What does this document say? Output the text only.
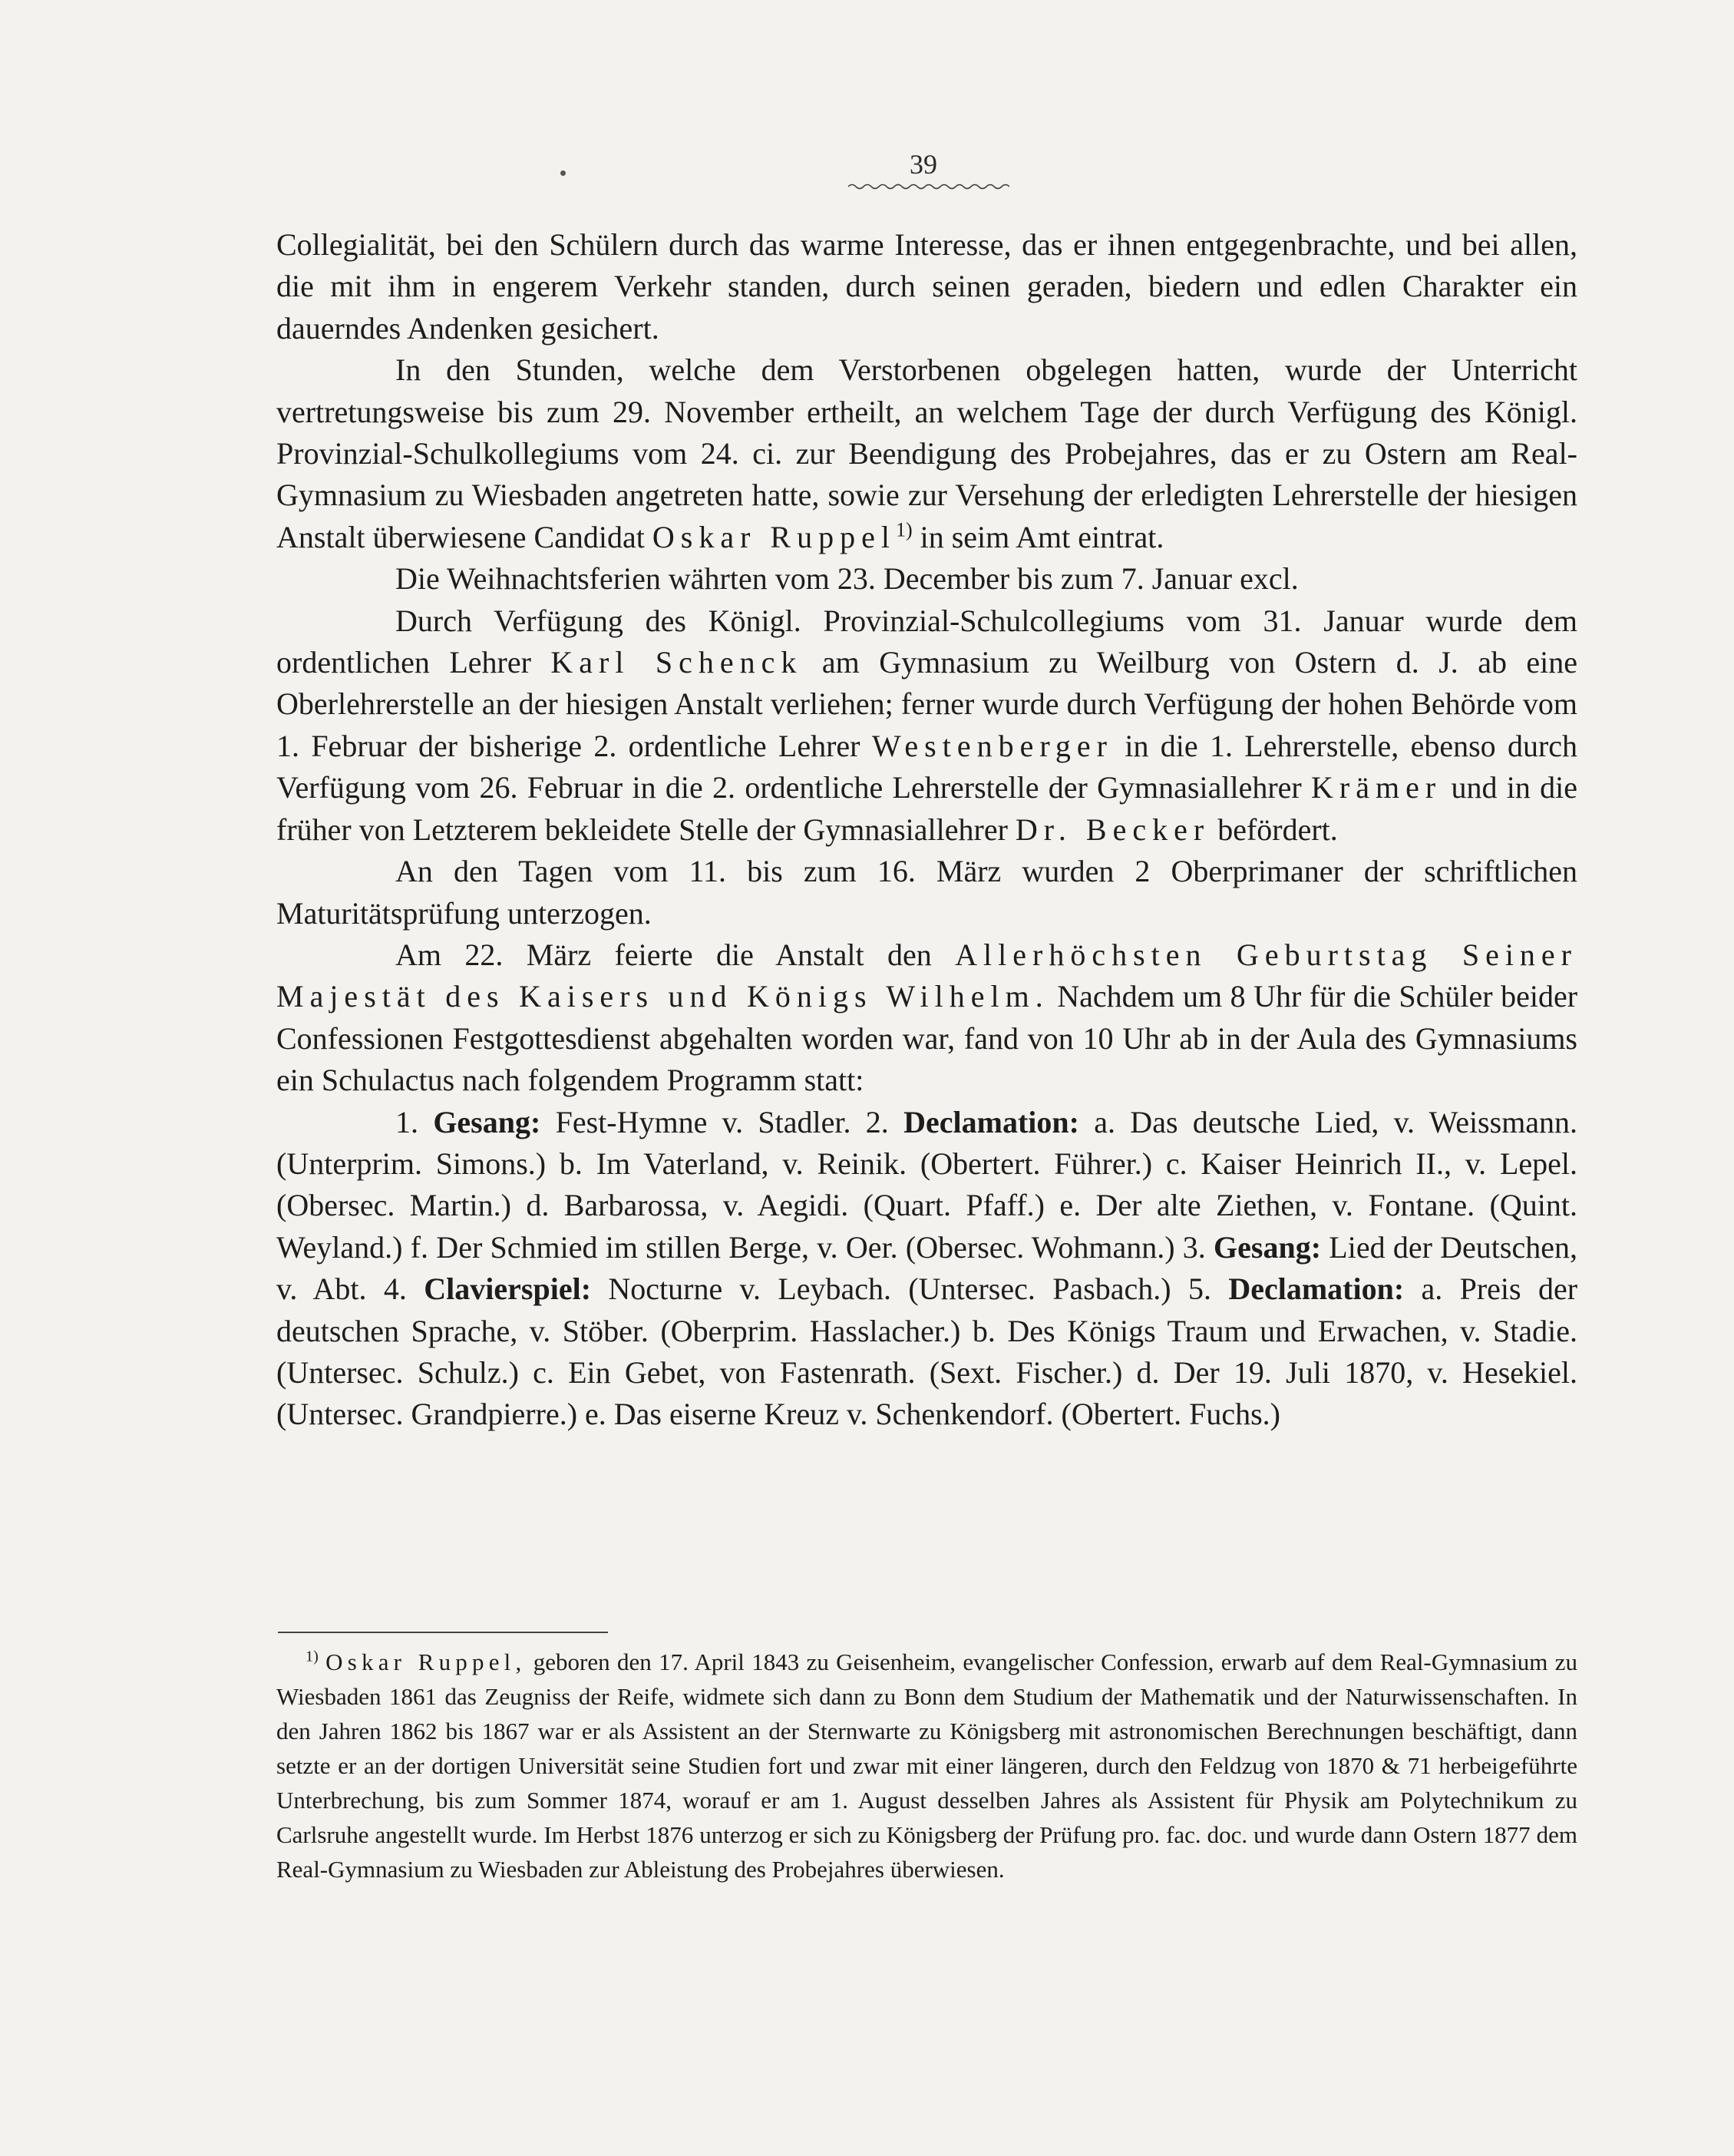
39

Collegialität, bei den Schülern durch das warme Interesse, das er ihnen entgegenbrachte, und bei allen, die mit ihm in engerem Verkehr standen, durch seinen geraden, biedern und edlen Charakter ein dauerndes Andenken gesichert.

In den Stunden, welche dem Verstorbenen obgelegen hatten, wurde der Unterricht vertretungsweise bis zum 29. November ertheilt, an welchem Tage der durch Verfügung des Königl. Provinzial-Schulkollegiums vom 24. ci. zur Beendigung des Probejahres, das er zu Ostern am Real-Gymnasium zu Wiesbaden angetreten hatte, sowie zur Versehung der erledigten Lehrerstelle der hiesigen Anstalt überwiesene Candidat Oskar Ruppel$^{1)}$ in seim Amt eintrat.

Die Weihnachtsferien währten vom 23. December bis zum 7. Januar excl.

Durch Verfügung des Königl. Provinzial-Schulcollegiums vom 31. Januar wurde dem ordentlichen Lehrer Karl Schenck am Gymnasium zu Weilburg von Ostern d. J. ab eine Oberlehrerstelle an der hiesigen Anstalt verliehen; ferner wurde durch Verfügung der hohen Behörde vom 1. Februar der bisherige 2. ordentliche Lehrer Westenberger in die 1. Lehrerstelle, ebenso durch Verfügung vom 26. Februar in die 2. ordentliche Lehrerstelle der Gymnasiallehrer Krämer und in die früher von Letzterem bekleidete Stelle der Gymnasiallehrer Dr. Becker befördert.

An den Tagen vom 11. bis zum 16. März wurden 2 Oberprimaner der schriftlichen Maturitätsprüfung unterzogen.

Am 22. März feierte die Anstalt den Allerhöchsten Geburtstag Seiner Majestät des Kaisers und Königs Wilhelm. Nachdem um 8 Uhr für die Schüler beider Confessionen Festgottesdienst abgehalten worden war, fand von 10 Uhr ab in der Aula des Gymnasiums ein Schulactus nach folgendem Programm statt:

1. Gesang: Fest-Hymne v. Stadler. 2. Declamation: a. Das deutsche Lied, v. Weissmann. (Unterprim. Simons.) b. Im Vaterland, v. Reinik. (Obertert. Führer.) c. Kaiser Heinrich II., v. Lepel. (Obersec. Martin.) d. Barbarossa, v. Aegidi. (Quart. Pfaff.) e. Der alte Ziethen, v. Fontane. (Quint. Weyland.) f. Der Schmied im stillen Berge, v. Oer. (Obersec. Wohmann.) 3. Gesang: Lied der Deutschen, v. Abt. 4. Clavierspiel: Nocturne v. Leybach. (Untersec. Pasbach.) 5. Declamation: a. Preis der deutschen Sprache, v. Stöber. (Oberprim. Hasslacher.) b. Des Königs Traum und Erwachen, v. Stadie. (Untersec. Schulz.) c. Ein Gebet, von Fastenrath. (Sext. Fischer.) d. Der 19. Juli 1870, v. Hesekiel. (Untersec. Grandpierre.) e. Das eiserne Kreuz v. Schenkendorf. (Obertert. Fuchs.)

$^{1)}$ Oskar Ruppel, geboren den 17. April 1843 zu Geisenheim, evangelischer Confession, erwarb auf dem Real-Gymnasium zu Wiesbaden 1861 das Zeugniss der Reife, widmete sich dann zu Bonn dem Studium der Mathematik und der Naturwissenschaften. In den Jahren 1862 bis 1867 war er als Assistent an der Sternwarte zu Königsberg mit astronomischen Berechnungen beschäftigt, dann setzte er an der dortigen Universität seine Studien fort und zwar mit einer längeren, durch den Feldzug von 1870 & 71 herbeigeführte Unterbrechung, bis zum Sommer 1874, worauf er am 1. August desselben Jahres als Assistent für Physik am Polytechnikum zu Carlsruhe angestellt wurde. Im Herbst 1876 unterzog er sich zu Königsberg der Prüfung pro. fac. doc. und wurde dann Ostern 1877 dem Real-Gymnasium zu Wiesbaden zur Ableistung des Probejahres überwiesen.
